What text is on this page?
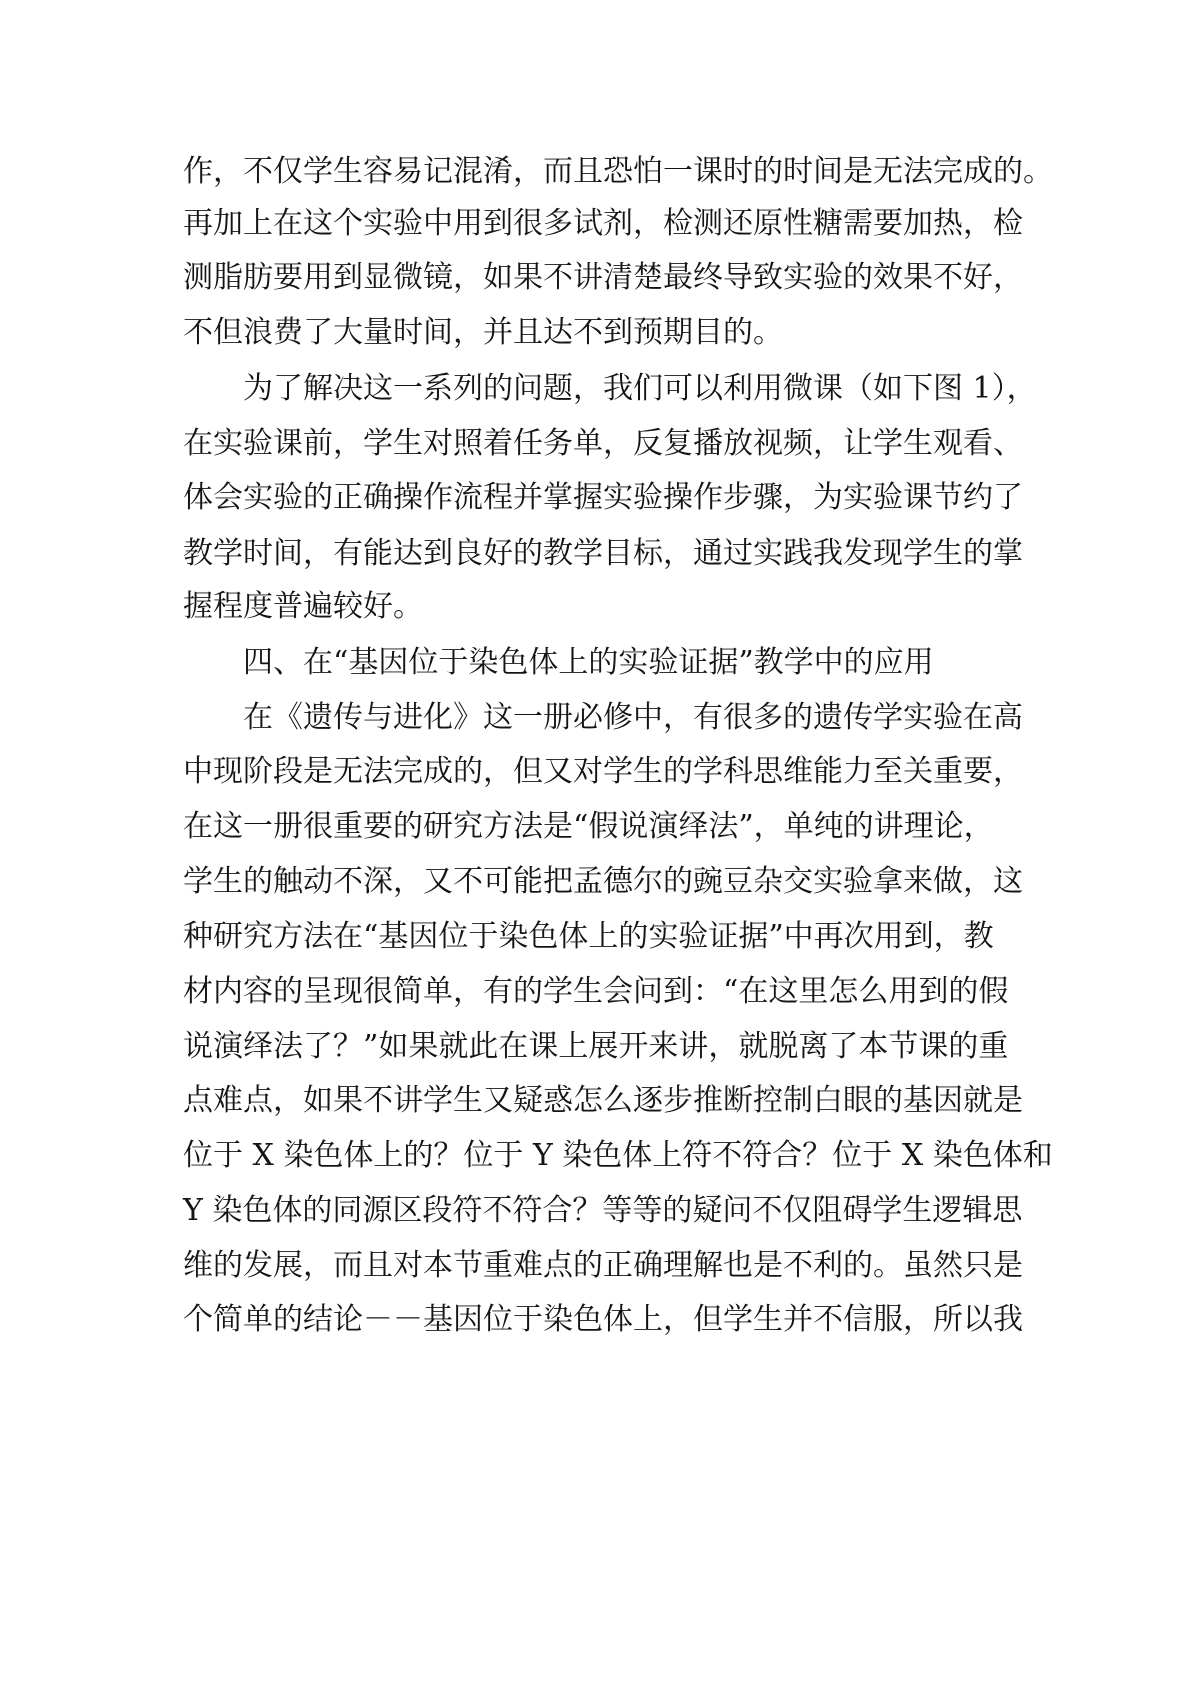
作，不仅学生容易记混淆，而且恐怕一课时的时间是无法完成的。
再加上在这个实验中用到很多试剂，检测还原性糖需要加热，检
测脂肪要用到显微镜，如果不讲清楚最终导致实验的效果不好，
不但浪费了大量时间，并且达不到预期目的。
为了解决这一系列的问题，我们可以利用微课（如下图 1），
在实验课前，学生对照着任务单，反复播放视频，让学生观看、
体会实验的正确操作流程并掌握实验操作步骤，为实验课节约了
教学时间，有能达到良好的教学目标，通过实践我发现学生的掌
握程度普遍较好。
四、在“基因位于染色体上的实验证据”教学中的应用
在《遗传与进化》这一册必修中，有很多的遗传学实验在高
中现阶段是无法完成的，但又对学生的学科思维能力至关重要，
在这一册很重要的研究方法是“假说演绎法”，单纯的讲理论，
学生的触动不深，又不可能把孟德尔的豌豆杂交实验拿来做，这
种研究方法在“基因位于染色体上的实验证据”中再次用到，教
材内容的呈现很简单，有的学生会问到：“在这里怎么用到的假
说演绎法了？”如果就此在课上展开来讲，就脱离了本节课的重
点难点，如果不讲学生又疑惑怎么逐步推断控制白眼的基因就是
位于 X 染色体上的？位于 Y 染色体上符不符合？位于 X 染色体和
Y 染色体的同源区段符不符合？等等的疑问不仅阻碍学生逻辑思
维的发展，而且对本节重难点的正确理解也是不利的。虽然只是
个简单的结论－－基因位于染色体上，但学生并不信服，所以我
